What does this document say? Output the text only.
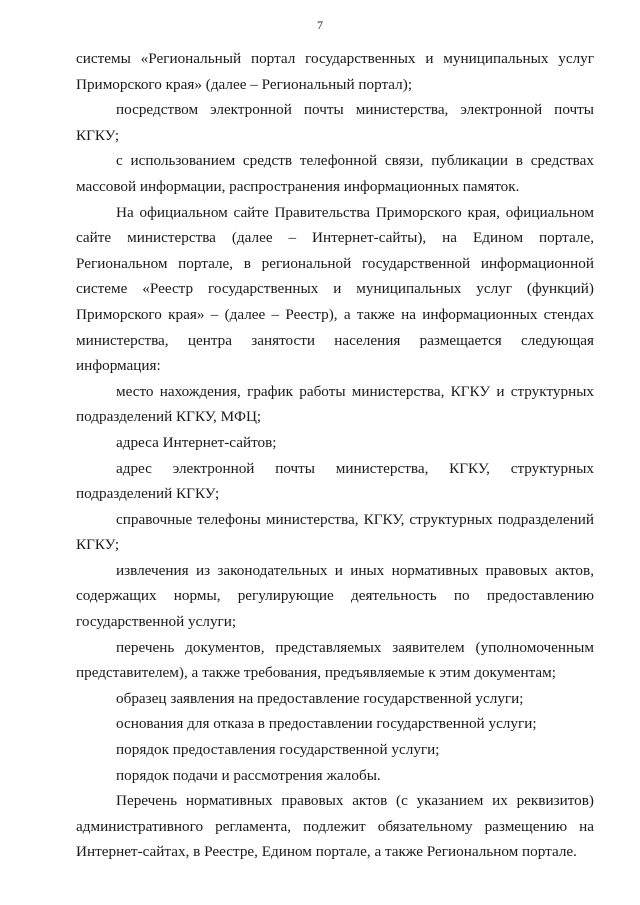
7

системы «Региональный портал государственных и муниципальных услуг Приморского края» (далее – Региональный портал);

посредством электронной почты министерства, электронной почты КГКУ;

с использованием средств телефонной связи, публикации в средствах массовой информации, распространения информационных памяток.

На официальном сайте Правительства Приморского края, официальном сайте министерства (далее – Интернет-сайты), на Едином портале, Региональном портале, в региональной государственной информационной системе «Реестр государственных и муниципальных услуг (функций) Приморского края» – (далее – Реестр), а также на информационных стендах министерства, центра занятости населения размещается следующая информация:

место нахождения, график работы министерства, КГКУ и структурных подразделений КГКУ, МФЦ;

адреса Интернет-сайтов;

адрес электронной почты министерства, КГКУ, структурных подразделений КГКУ;

справочные телефоны министерства, КГКУ, структурных подразделений КГКУ;

извлечения из законодательных и иных нормативных правовых актов, содержащих нормы, регулирующие деятельность по предоставлению государственной услуги;

перечень документов, представляемых заявителем (уполномоченным представителем), а также требования, предъявляемые к этим документам;

образец заявления на предоставление государственной услуги;

основания для отказа в предоставлении государственной услуги;

порядок предоставления государственной услуги;

порядок подачи и рассмотрения жалобы.

Перечень нормативных правовых актов (с указанием их реквизитов) административного регламента, подлежит обязательному размещению на Интернет-сайтах, в Реестре, Едином портале, а также Региональном портале.
